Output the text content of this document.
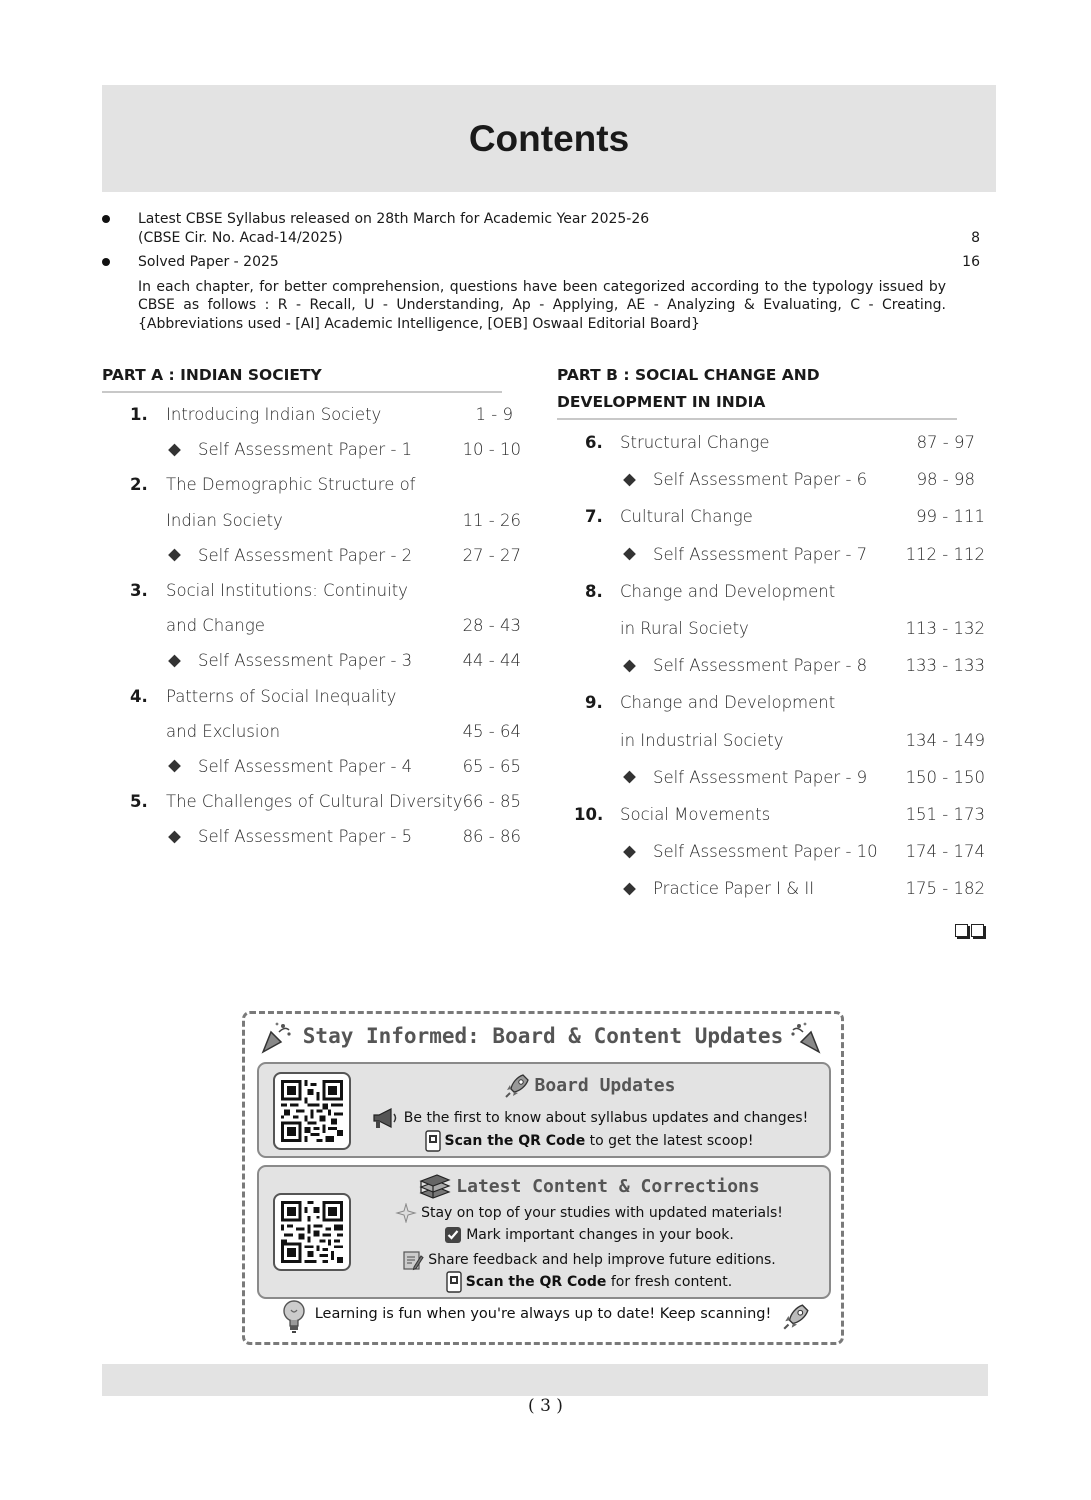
Contents
Latest CBSE Syllabus released on 28th March for Academic Year 2025-26
(CBSE Cir. No. Acad-14/2025)	8
Solved Paper - 2025	16
In each chapter, for better comprehension, questions have been categorized according to the typology issued by CBSE as follows : R - Recall, U - Understanding, Ap - Applying, AE - Analyzing & Evaluating, C - Creating. {Abbreviations used - [AI] Academic Intelligence, [OEB] Oswaal Editorial Board}
PART A : INDIAN SOCIETY
1. Introducing Indian Society	1 - 9
Self Assessment Paper - 1	10 - 10
2. The Demographic Structure of
Indian Society	11 - 26
Self Assessment Paper - 2	27 - 27
3. Social Institutions: Continuity
and Change	28 - 43
Self Assessment Paper - 3	44 - 44
4. Patterns of Social Inequality
and Exclusion	45 - 64
Self Assessment Paper - 4	65 - 65
5. The Challenges of Cultural Diversity 66 - 85
Self Assessment Paper - 5	86 - 86
PART B : SOCIAL CHANGE AND
DEVELOPMENT IN INDIA
6. Structural Change	87 - 97
Self Assessment Paper - 6	98 - 98
7. Cultural Change	99 - 111
Self Assessment Paper - 7 112 - 112
8. Change and Development
in Rural Society	113 - 132
Self Assessment Paper - 8 133 - 133
9. Change and Development
in Industrial Society	134 - 149
Self Assessment Paper - 9 150 - 150
10. Social Movements	151 - 173
Self Assessment Paper - 10 174 - 174
Practice Paper I & II	175 - 182
Stay Informed: Board & Content Updates
Board Updates
Be the first to know about syllabus updates and changes!
Scan the QR Code to get the latest scoop!
Latest Content & Corrections
Stay on top of your studies with updated materials!
Mark important changes in your book.
Share feedback and help improve future editions.
Scan the QR Code for fresh content.
Learning is fun when you're always up to date! Keep scanning!
( 3 )
